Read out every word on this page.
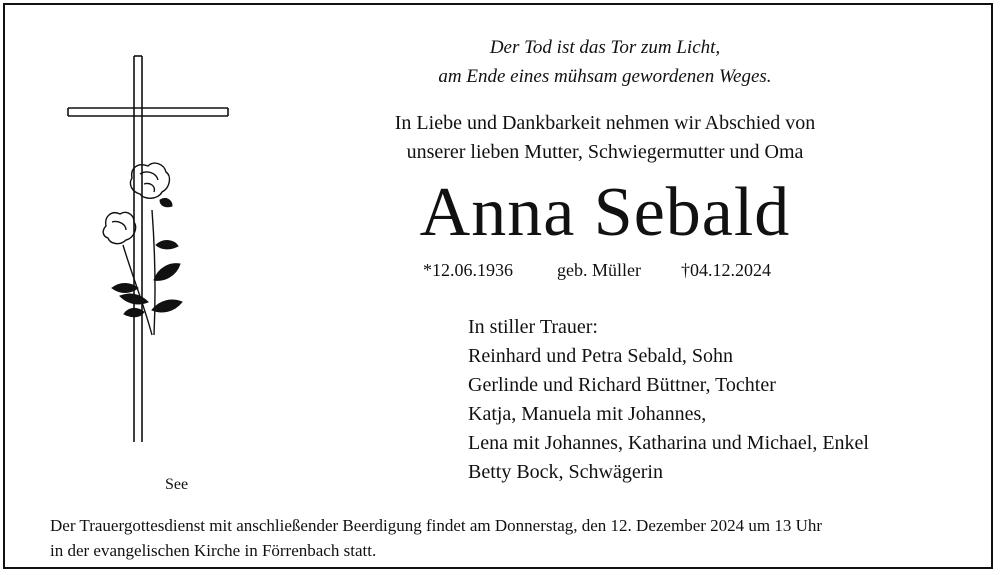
Der Tod ist das Tor zum Licht,
am Ende eines mühsam gewordenen Weges.
In Liebe und Dankbarkeit nehmen wir Abschied von
unserer lieben Mutter, Schwiegermutter und Oma
Anna Sebald
*12.06.1936 geb. Müller †04.12.2024
In stiller Trauer:
Reinhard und Petra Sebald, Sohn
Gerlinde und Richard Büttner, Tochter
Katja, Manuela mit Johannes,
Lena mit Johannes, Katharina und Michael, Enkel
Betty Bock, Schwägerin
See
Der Trauergottesdienst mit anschließender Beerdigung findet am Donnerstag, den 12. Dezember 2024 um 13 Uhr
in der evangelischen Kirche in Förrenbach statt.
